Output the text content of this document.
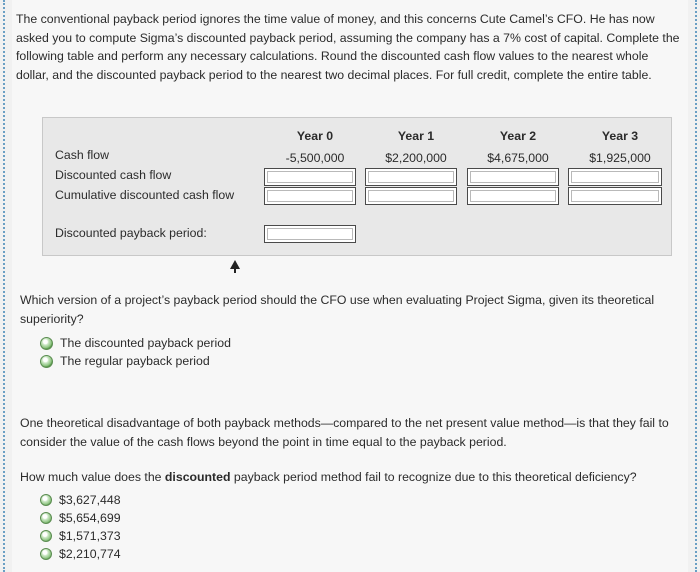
The conventional payback period ignores the time value of money, and this concerns Cute Camel’s CFO. He has now asked you to compute Sigma’s discounted payback period, assuming the company has a 7% cost of capital. Complete the following table and perform any necessary calculations. Round the discounted cash flow values to the nearest whole dollar, and the discounted payback period to the nearest two decimal places. For full credit, complete the entire table.

Year 0	Year 1	Year 2	Year 3
Cash flow	-5,500,000	$2,200,000	$4,675,000	$1,925,000
Discounted cash flow
Cumulative discounted cash flow
Discounted payback period:

Which version of a project’s payback period should the CFO use when evaluating Project Sigma, given its theoretical superiority?

The discounted payback period
The regular payback period

One theoretical disadvantage of both payback methods—compared to the net present value method—is that they fail to consider the value of the cash flows beyond the point in time equal to the payback period.

How much value does the discounted payback period method fail to recognize due to this theoretical deficiency?

$3,627,448
$5,654,699
$1,571,373
$2,210,774
